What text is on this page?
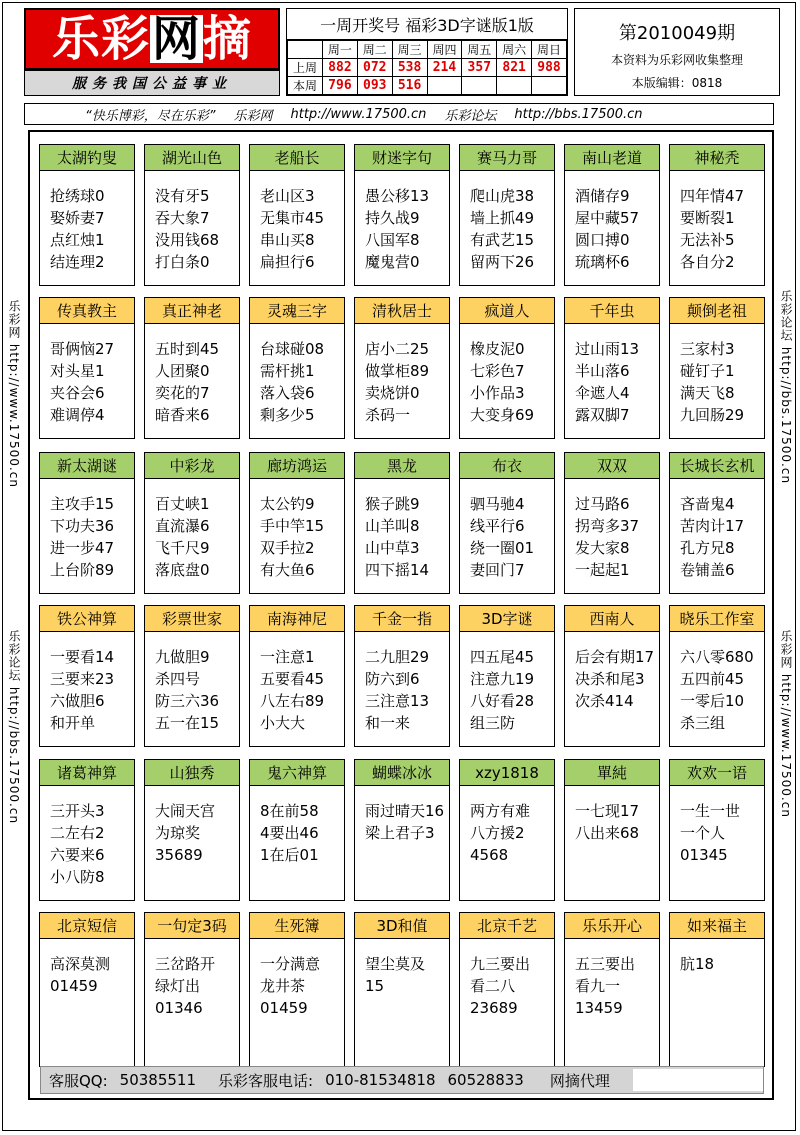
乐彩 网 摘
服务我国公益事业
一周开奖号 福彩3D字谜版1版
	周一	周二	周三	周四	周五	周六	周日
上周	882	072	538	214	357	821	988
本周	796	093	516				
第2010049期
本资料为乐彩网收集整理
本版编辑：0818
“快乐博彩，尽在乐彩” 乐彩网 http://www.17500.cn 乐彩论坛 http://bbs.17500.cn
乐彩网 http://www.17500.cn
乐彩论坛 http://bbs.17500.cn
乐彩论坛 http://bbs.17500.cn
乐彩网 http://www.17500.cn
太湖钓叟
抢绣球0
娶娇妻7
点红烛1
结连理2
湖光山色
没有牙5
吞大象7
没用钱68
打白条0
老船长
老山区3
无集市45
串山买8
扁担行6
财迷字句
愚公移13
持久战9
八国军8
魔鬼营0
赛马力哥
爬山虎38
墙上抓49
有武艺15
留两下26
南山老道
酒储存9
屋中藏57
圆口搏0
琉璃杯6
神秘秃
四年情47
要断裂1
无法补5
各自分2
传真教主
哥俩恼27
对头星1
夹谷会6
难调停4
真正神老
五时到45
人团聚0
奕花的7
暗香来6
灵魂三字
台球碰08
需杆挑1
落入袋6
剩多少5
清秋居士
店小二25
做掌柜89
卖烧饼0
杀码一
疯道人
橡皮泥0
七彩色7
小作品3
大变身69
千年虫
过山雨13
半山落6
伞遮人4
露双脚7
颠倒老祖
三家村3
碰钉子1
满天飞8
九回肠29
新太湖谜
主攻手15
下功夫36
进一步47
上台阶89
中彩龙
百丈峡1
直流瀑6
飞千尺9
落底盘0
廊坊鸿运
太公钓9
手中竿15
双手拉2
有大鱼6
黑龙
猴子跳9
山羊叫8
山中草3
四下摇14
布衣
驷马驰4
线平行6
绕一圈01
妻回门7
双双
过马路6
拐弯多37
发大家8
一起起1
长城长玄机
吝啬鬼4
苦肉计17
孔方兄8
卷铺盖6
铁公神算
一要看14
三要来23
六做胆6
和开单
彩票世家
九做胆9
杀四号
防三六36
五一在15
南海神尼
一注意1
五要看45
八左右89
小大大
千金一指
二九胆29
防六到6
三注意13
和一来
3D字谜
四五尾45
注意九19
八好看28
组三防
西南人
后会有期17
决杀和尾3
次杀414
晓乐工作室
六八零680
五四前45
一零后10
杀三组
诸葛神算
三开头3
二左右2
六要来6
小八防8
山独秀
大闹天宫
为琼奖
35689
鬼六神算
8在前58
4要出46
1在后01
蝴蝶冰冰
雨过晴天16
梁上君子3
xzy1818
两方有难
八方援2
4568
單純
一七现17
八出来68
欢欢一语
一生一世
一个人
01345
北京短信
高深莫测
01459
一句定3码
三岔路开
绿灯出
01346
生死簿
一分满意
龙井茶
01459
3D和值
望尘莫及
15
北京千艺
九三要出
看二八
23689
乐乐开心
五三要出
看九一
13459
如来福主
肮18
客服QQ: 50385511 乐彩客服电话: 010-81534818 60528833 网摘代理
